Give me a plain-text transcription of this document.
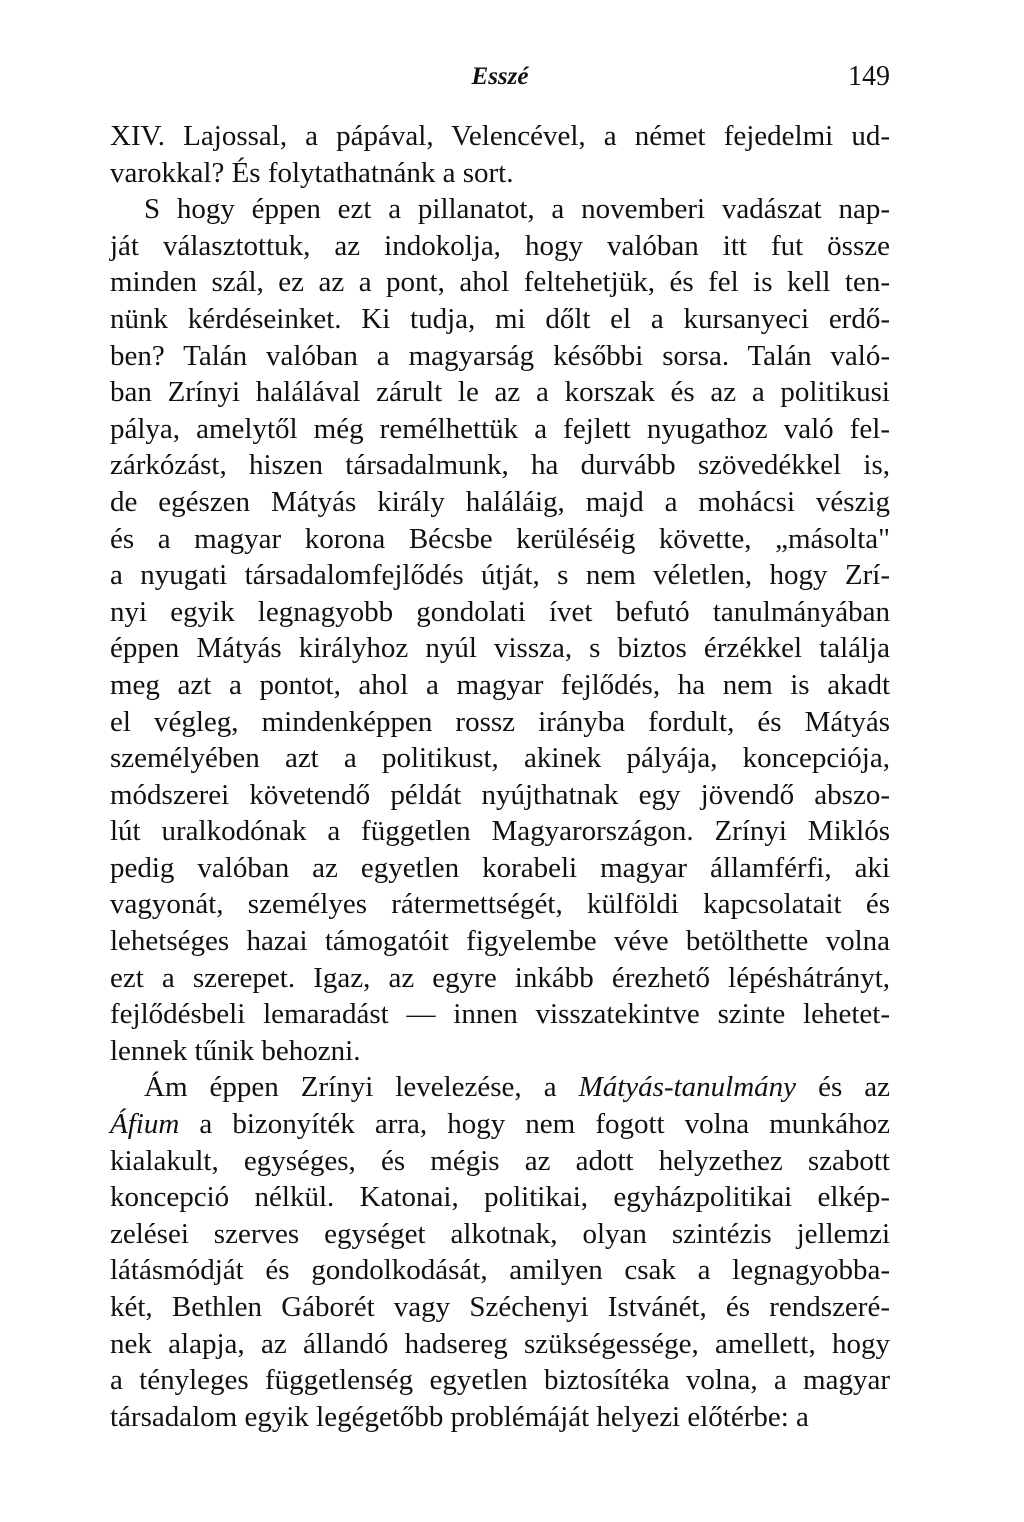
Esszé	149
XIV. Lajossal, a pápával, Velencével, a német fejedelmi ud-
varokkal? És folytathatnánk a sort.
S hogy éppen ezt a pillanatot, a novemberi vadászat nap-
ját választottuk, az indokolja, hogy valóban itt fut össze
minden szál, ez az a pont, ahol feltehetjük, és fel is kell ten-
nünk kérdéseinket. Ki tudja, mi dőlt el a kursanyeci erdő-
ben? Talán valóban a magyarság későbbi sorsa. Talán való-
ban Zrínyi halálával zárult le az a korszak és az a politikusi
pálya, amelytől még remélhettük a fejlett nyugathoz való fel-
zárkózást, hiszen társadalmunk, ha durvább szövedékkel is,
de egészen Mátyás király haláláig, majd a mohácsi vészig
és a magyar korona Bécsbe kerüléséig követte, „másolta"
a nyugati társadalomfejlődés útját, s nem véletlen, hogy Zrí-
nyi egyik legnagyobb gondolati ívet befutó tanulmányában
éppen Mátyás királyhoz nyúl vissza, s biztos érzékkel találja
meg azt a pontot, ahol a magyar fejlődés, ha nem is akadt
el végleg, mindenképpen rossz irányba fordult, és Mátyás
személyében azt a politikust, akinek pályája, koncepciója,
módszerei követendő példát nyújthatnak egy jövendő abszo-
lút uralkodónak a független Magyarországon. Zrínyi Miklós
pedig valóban az egyetlen korabeli magyar államférfi, aki
vagyonát, személyes rátermettségét, külföldi kapcsolatait és
lehetséges hazai támogatóit figyelembe véve betölthette volna
ezt a szerepet. Igaz, az egyre inkább érezhető lépéshátrányt,
fejlődésbeli lemaradást — innen visszatekintve szinte lehetet-
lennek tűnik behozni.
Ám éppen Zrínyi levelezése, a Mátyás-tanulmány és az
Áfium a bizonyíték arra, hogy nem fogott volna munkához
kialakult, egységes, és mégis az adott helyzethez szabott
koncepció nélkül. Katonai, politikai, egyházpolitikai elkép-
zelései szerves egységet alkotnak, olyan szintézis jellemzi
látásmódját és gondolkodását, amilyen csak a legnagyobba-
két, Bethlen Gáborét vagy Széchenyi Istvánét, és rendszeré-
nek alapja, az állandó hadsereg szükségessége, amellett, hogy
a tényleges függetlenség egyetlen biztosítéka volna, a magyar
társadalom egyik legégetőbb problémáját helyezi előtérbe: a
